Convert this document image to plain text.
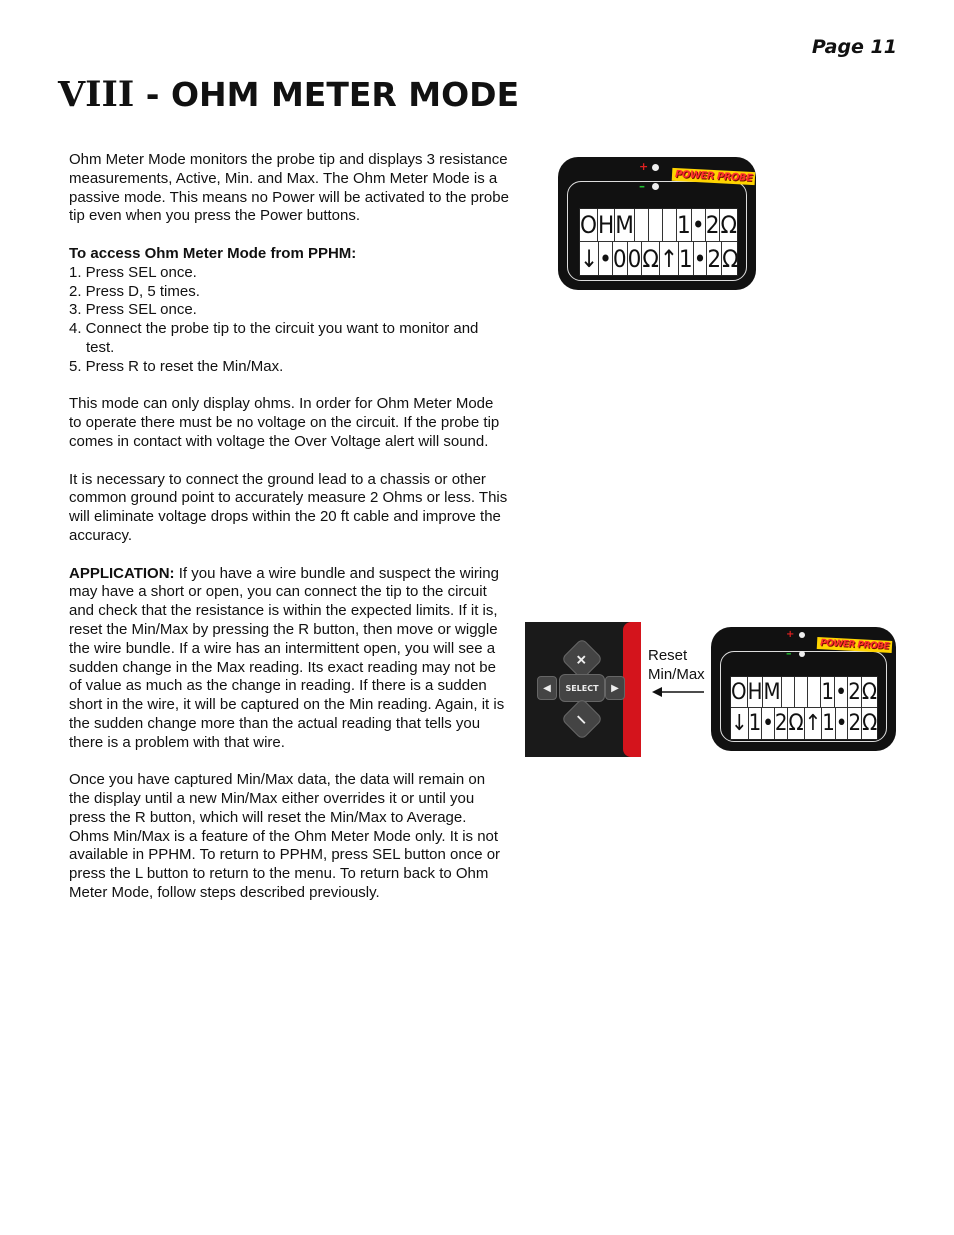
Page 11
VIII - OHM METER MODE

Ohm Meter Mode monitors the probe tip and displays 3 resistance measurements, Active, Min. and Max. The Ohm Meter Mode is a passive mode. This means no Power will be activated to the probe tip even when you press the Power buttons.

To access Ohm Meter Mode from PPHM:
1. Press SEL once.
2. Press D, 5 times.
3. Press SEL once.
4. Connect the probe tip to the circuit you want to monitor and test.
5. Press R to reset the Min/Max.

This mode can only display ohms. In order for Ohm Meter Mode to operate there must be no voltage on the circuit. If the probe tip comes in contact with voltage the Over Voltage alert will sound.

It is necessary to connect the ground lead to a chassis or other common ground point to accurately measure 2 Ohms or less. This will eliminate voltage drops within the 20 ft cable and improve the accuracy.

APPLICATION: If you have a wire bundle and suspect the wiring may have a short or open, you can connect the tip to the circuit and check that the resistance is within the expected limits. If it is, reset the Min/Max by pressing the R button, then move or wiggle the wire bundle. If a wire has an intermittent open, you will see a sudden change in the Max reading. Its exact reading may not be of value as much as the change in reading. If there is a sudden short in the wire, it will be captured on the Min reading. Again, it is the sudden change more than the actual reading that tells you there is a problem with that wire.

Once you have captured Min/Max data, the data will remain on the display until a new Min/Max either overrides it or until you press the R button, which will reset the Min/Max to Average. Ohms Min/Max is a feature of the Ohm Meter Mode only. It is not available in PPHM. To return to PPHM, press SEL button once or press the L button to return to the menu. To return back to Ohm Meter Mode, follow steps described previously.

+
–
POWER PROBE
O H M 1 • 2 Ω
↓ • 0 0 Ω ↑ 1 • 2 Ω
+
SELECT
◀	▶
−
Reset
Min/Max
+
–
POWER PROBE
O H M 1 • 2 Ω
↓ 1 • 2 Ω ↑ 1 • 2 Ω
